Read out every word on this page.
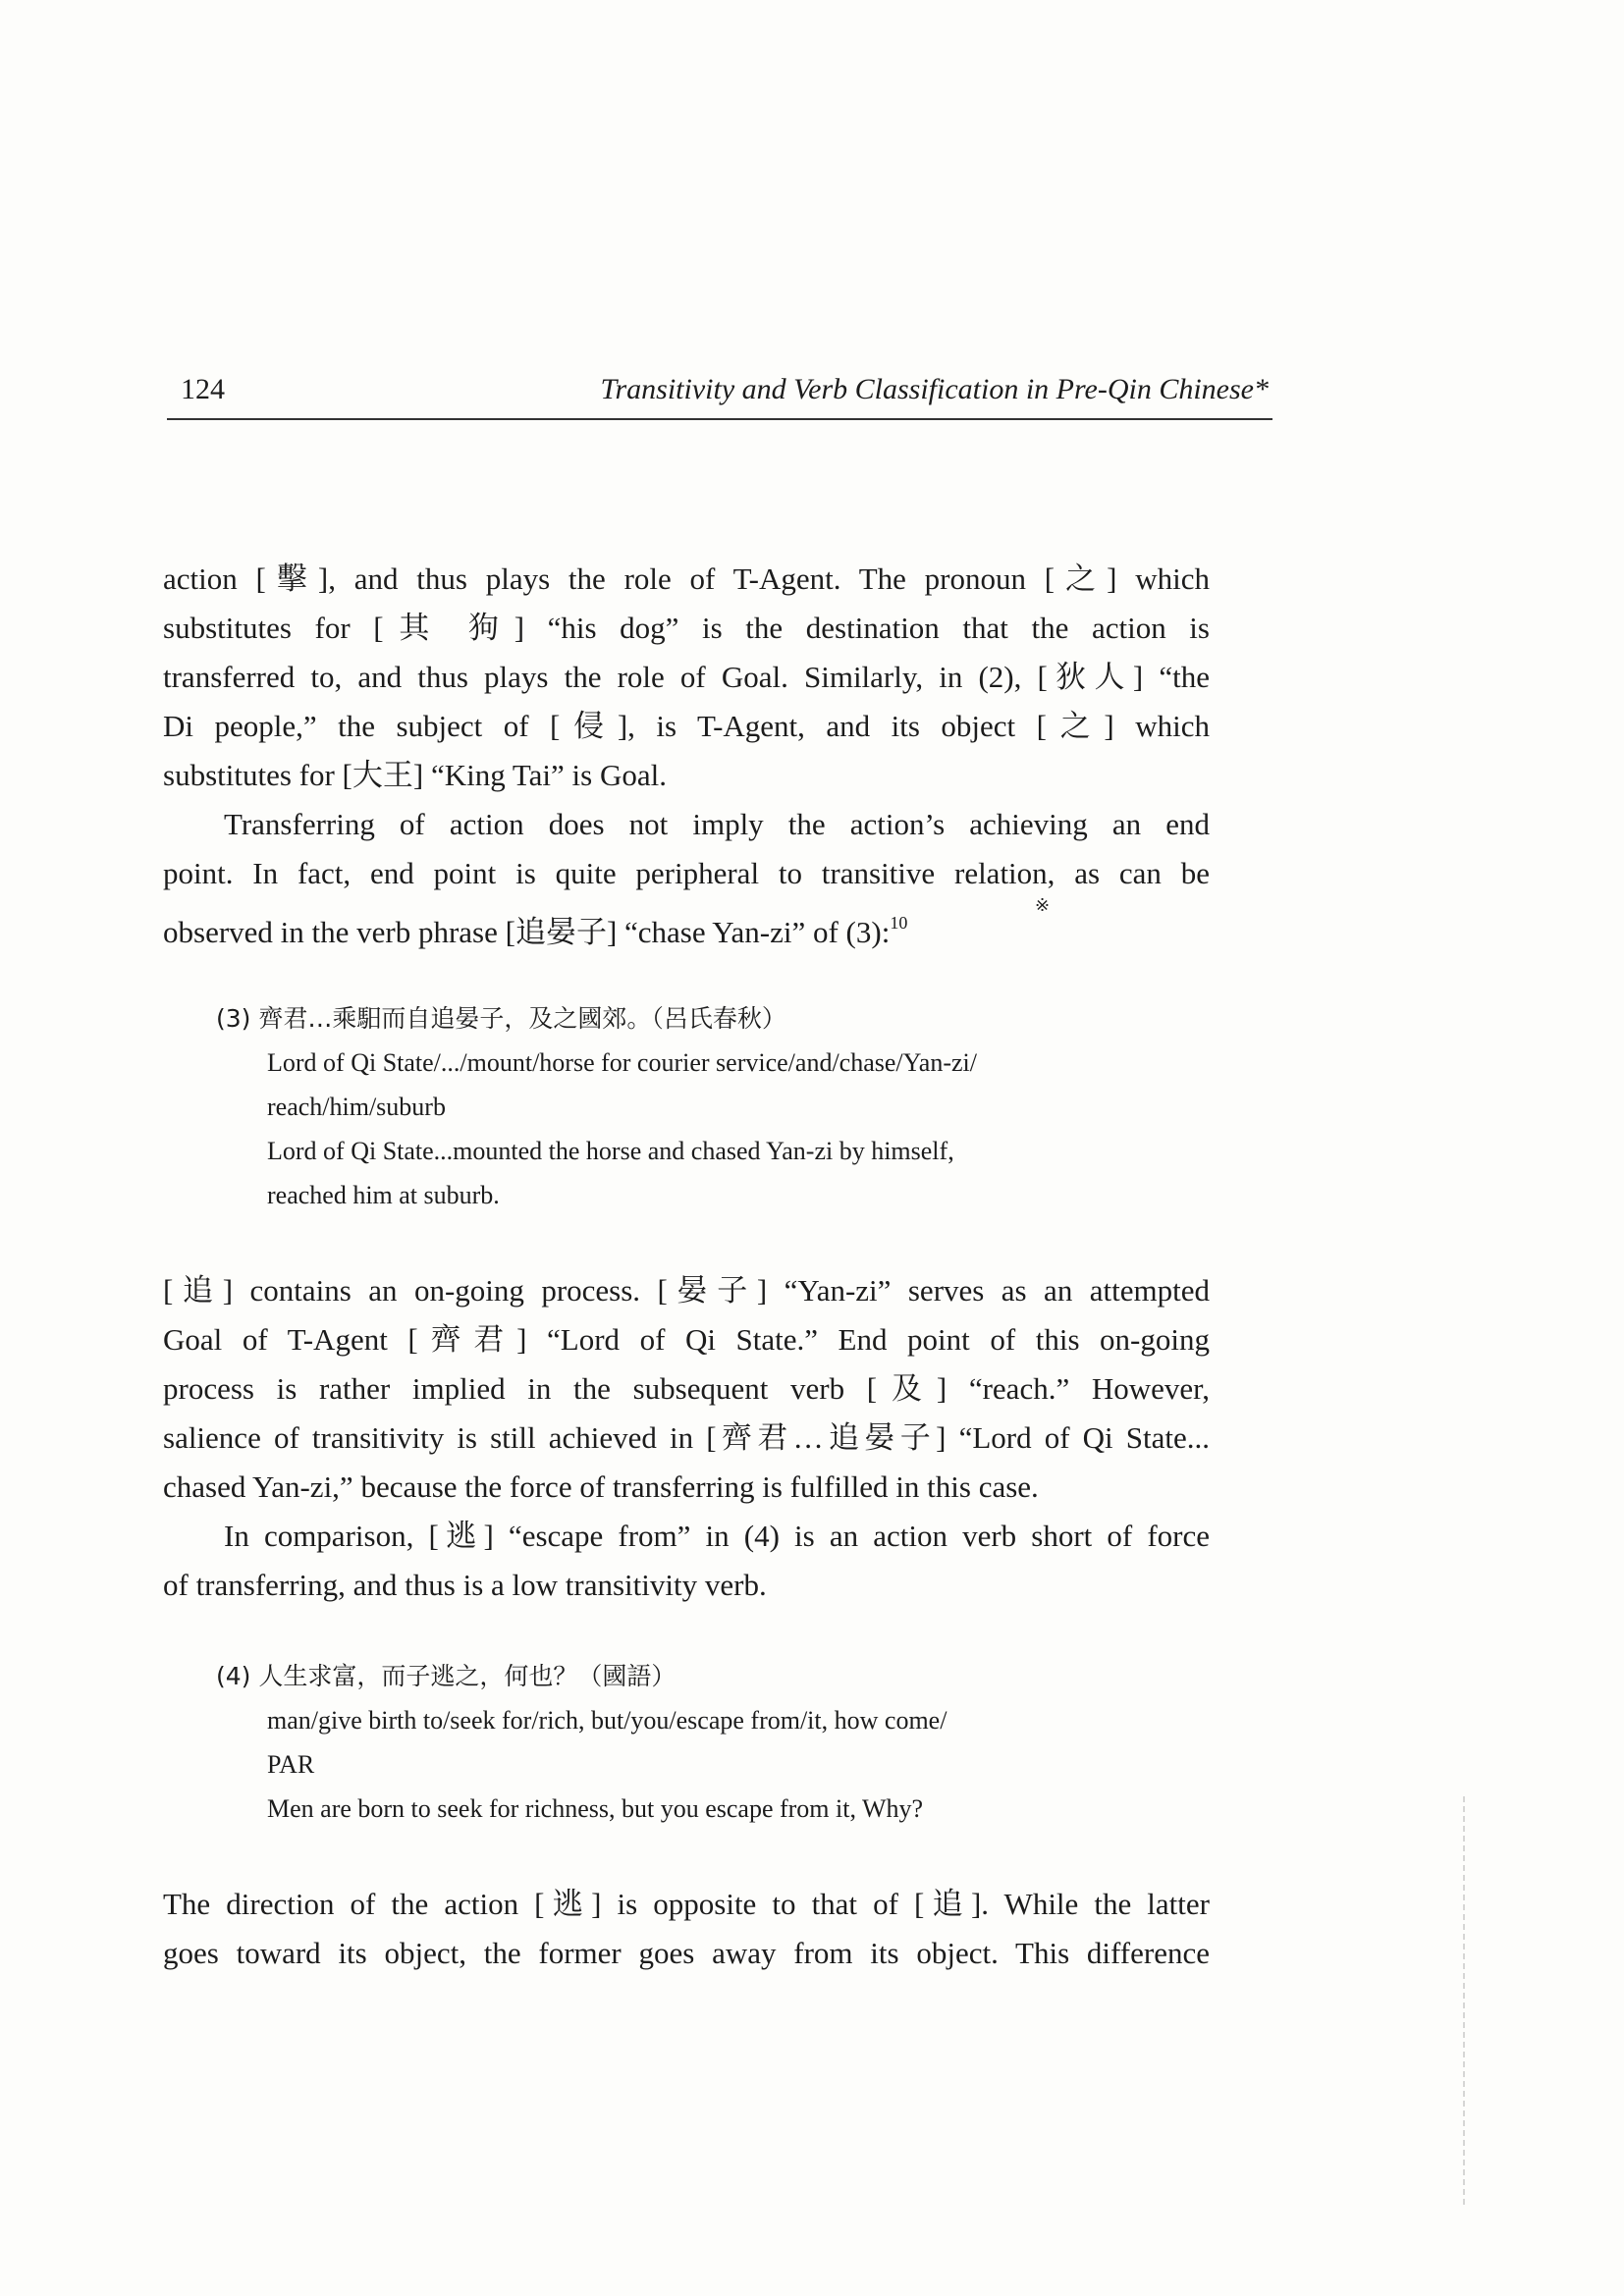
124	Transitivity and Verb Classification in Pre-Qin Chinese*
action [擊], and thus plays the role of T-Agent. The pronoun [之] which
substitutes for [其 狗] “his dog” is the destination that the action is
transferred to, and thus plays the role of Goal. Similarly, in (2), [狄人] “the
Di people,” the subject of [侵], is T-Agent, and its object [之] which
substitutes for [大王] “King Tai” is Goal.
Transferring of action does not imply the action’s achieving an end
point. In fact, end point is quite peripheral to transitive relation, as can be
observed in the verb phrase [追晏子] “chase Yan-zi” of (3):$^{10}$
※
(3) 齊君…乘馹而自追晏子，及之國郊。（呂氏春秋）
Lord of Qi State/.../mount/horse for courier service/and/chase/Yan-zi/
reach/him/suburb
Lord of Qi State...mounted the horse and chased Yan-zi by himself,
reached him at suburb.
[追] contains an on-going process. [晏子] “Yan-zi” serves as an attempted
Goal of T-Agent [齊君] “Lord of Qi State.” End point of this on-going
process is rather implied in the subsequent verb [及] “reach.” However,
salience of transitivity is still achieved in [齊君…追晏子] “Lord of Qi State...
chased Yan-zi,” because the force of transferring is fulfilled in this case.
In comparison, [逃] “escape from” in (4) is an action verb short of force
of transferring, and thus is a low transitivity verb.
(4) 人生求富，而子逃之，何也？（國語）
man/give birth to/seek for/rich, but/you/escape from/it, how come/
PAR
Men are born to seek for richness, but you escape from it, Why?
The direction of the action [逃] is opposite to that of [追]. While the latter
goes toward its object, the former goes away from its object. This difference
